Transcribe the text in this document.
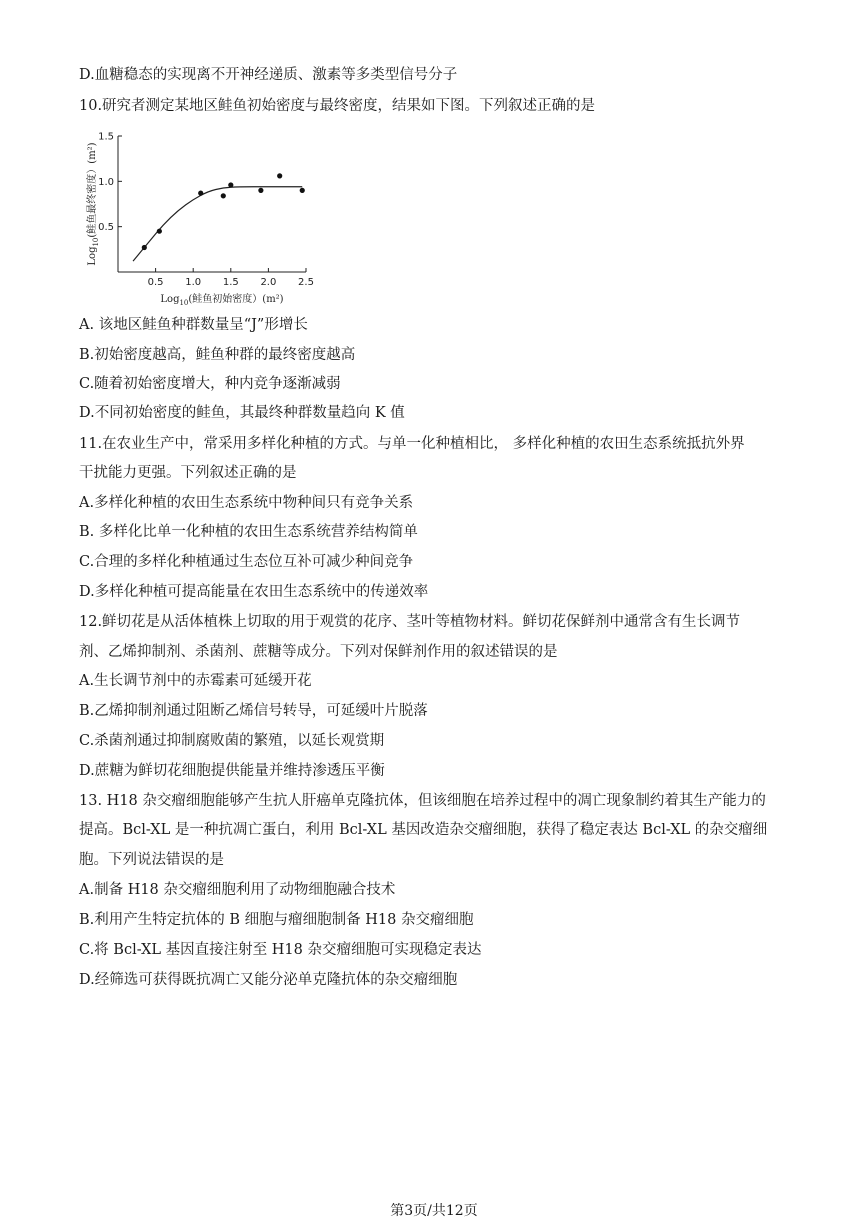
D.血糖稳态的实现离不开神经递质、激素等多类型信号分子
10.研究者测定某地区鲑鱼初始密度与最终密度，结果如下图。下列叙述正确的是
0.5 1.0 1.5 2.0 2.5
0.5
1.0
1.5
Log$_{10}$(鲑鱼初始密度）(m²)
Log$_{10}$(鲑鱼最终密度）(m²)
A. 该地区鲑鱼种群数量呈“J”形增长
B.初始密度越高，鲑鱼种群的最终密度越高
C.随着初始密度增大，种内竞争逐渐减弱
D.不同初始密度的鲑鱼，其最终种群数量趋向 K 值
11.在农业生产中，常采用多样化种植的方式。与单一化种植相比， 多样化种植的农田生态系统抵抗外界
干扰能力更强。下列叙述正确的是
A.多样化种植的农田生态系统中物种间只有竞争关系
B. 多样化比单一化种植的农田生态系统营养结构简单
C.合理的多样化种植通过生态位互补可减少种间竞争
D.多样化种植可提高能量在农田生态系统中的传递效率
12.鲜切花是从活体植株上切取的用于观赏的花序、茎叶等植物材料。鲜切花保鲜剂中通常含有生长调节
剂、乙烯抑制剂、杀菌剂、蔗糖等成分。下列对保鲜剂作用的叙述错误的是
A.生长调节剂中的赤霉素可延缓开花
B.乙烯抑制剂通过阻断乙烯信号转导，可延缓叶片脱落
C.杀菌剂通过抑制腐败菌的繁殖，以延长观赏期
D.蔗糖为鲜切花细胞提供能量并维持渗透压平衡
13. H18 杂交瘤细胞能够产生抗人肝癌单克隆抗体，但该细胞在培养过程中的凋亡现象制约着其生产能力的
提高。Bcl-XL 是一种抗凋亡蛋白，利用 Bcl-XL 基因改造杂交瘤细胞，获得了稳定表达 Bcl-XL 的杂交瘤细
胞。下列说法错误的是
A.制备 H18 杂交瘤细胞利用了动物细胞融合技术
B.利用产生特定抗体的 B 细胞与瘤细胞制备 H18 杂交瘤细胞
C.将 Bcl-XL 基因直接注射至 H18 杂交瘤细胞可实现稳定表达
D.经筛选可获得既抗凋亡又能分泌单克隆抗体的杂交瘤细胞
第3页/共12页
